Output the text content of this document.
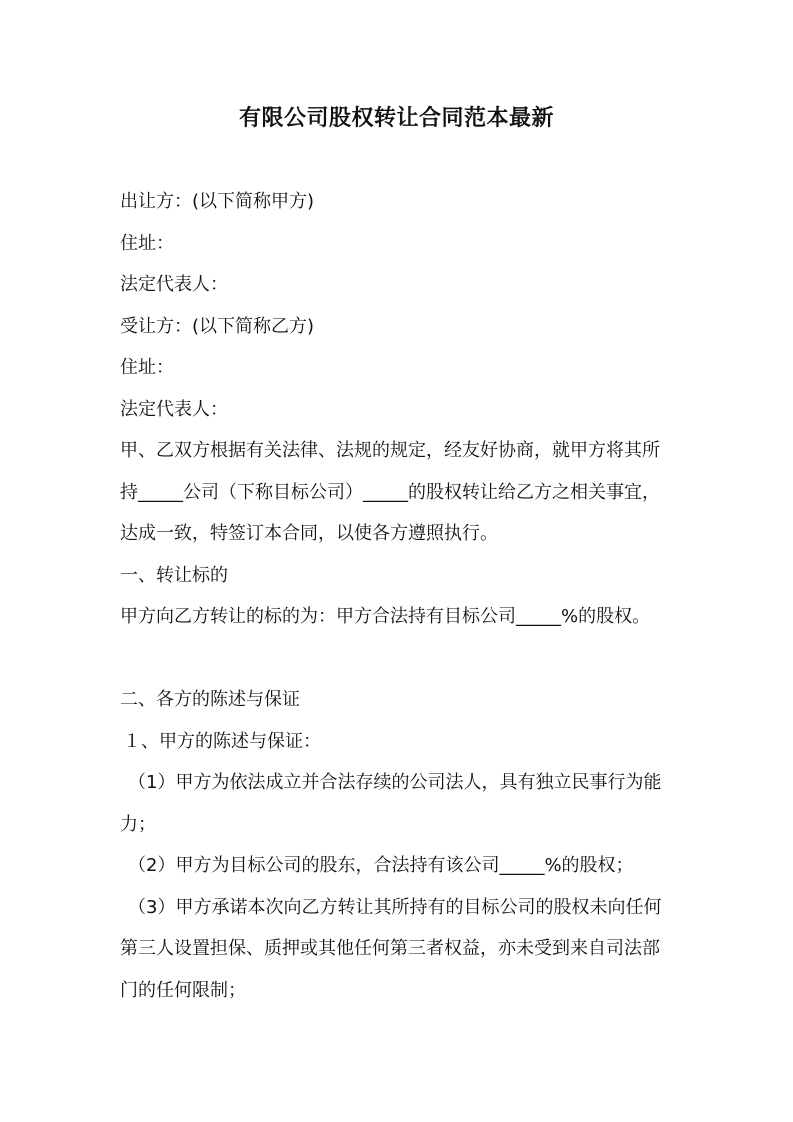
有限公司股权转让合同范本最新

出让方：(以下简称甲方)

住址：

法定代表人：

受让方：(以下简称乙方)

住址：

法定代表人：

甲、乙双方根据有关法律、法规的规定，经友好协商，就甲方将其所

持_____公司（下称目标公司）_____的股权转让给乙方之相关事宜，

达成一致，特签订本合同，以使各方遵照执行。

一、转让标的

甲方向乙方转让的标的为：甲方合法持有目标公司_____%的股权。

二、各方的陈述与保证

１、甲方的陈述与保证：

（1）甲方为依法成立并合法存续的公司法人，具有独立民事行为能

力；

（2）甲方为目标公司的股东，合法持有该公司_____%的股权；

（3）甲方承诺本次向乙方转让其所持有的目标公司的股权未向任何

第三人设置担保、质押或其他任何第三者权益，亦未受到来自司法部

门的任何限制；
